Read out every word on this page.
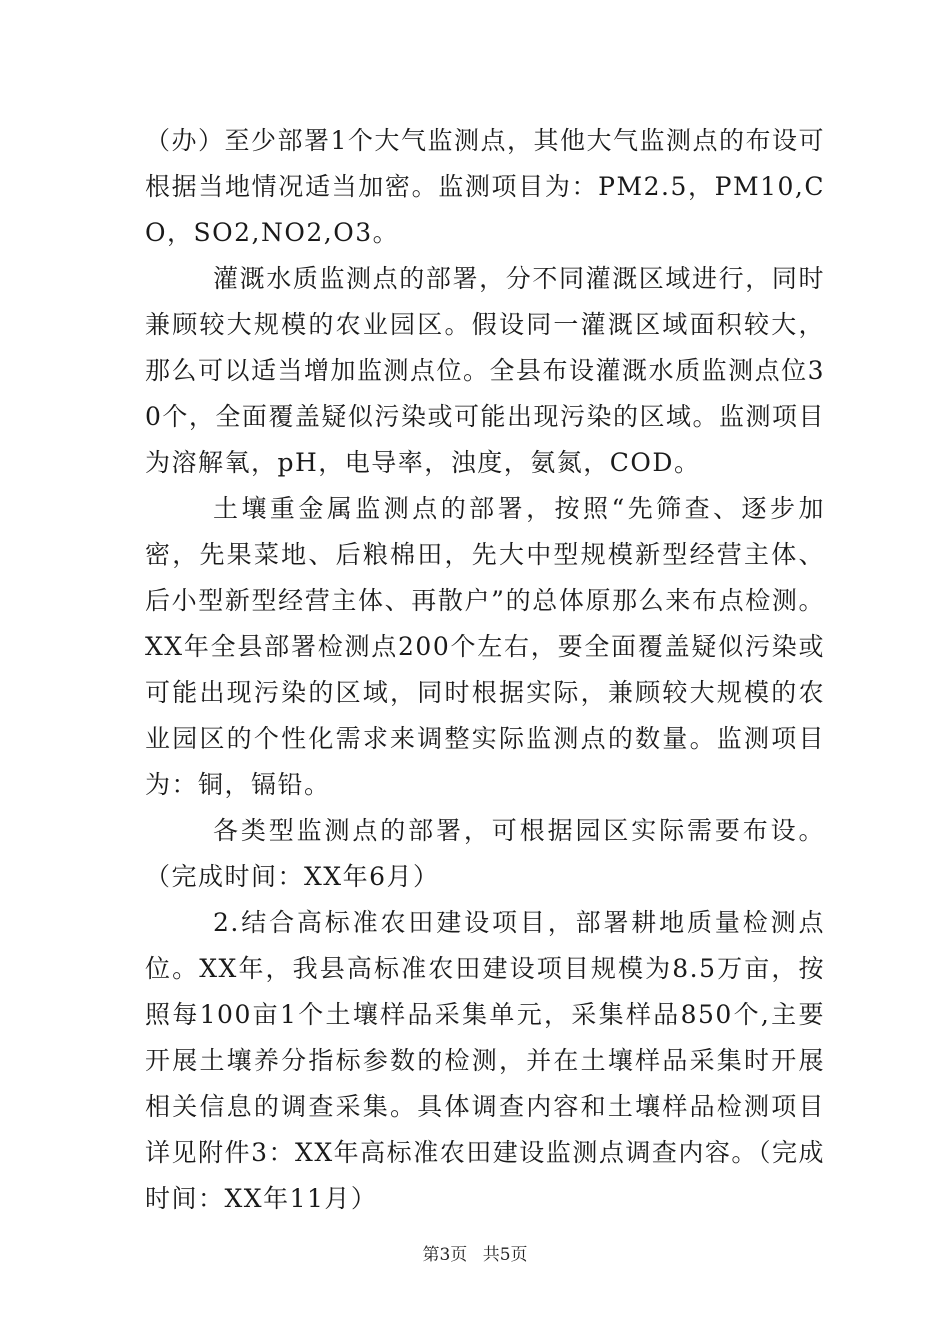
（办）至少部署1个大气监测点，其他大气监测点的布设可根据当地情况适当加密。监测项目为：PM2.5，PM10,CO，SO2,NO2,O3。

灌溉水质监测点的部署，分不同灌溉区域进行，同时兼顾较大规模的农业园区。假设同一灌溉区域面积较大，那么可以适当增加监测点位。全县布设灌溉水质监测点位30个，全面覆盖疑似污染或可能出现污染的区域。监测项目为溶解氧，pH，电导率，浊度，氨氮，COD。

土壤重金属监测点的部署，按照“先筛查、逐步加密，先果菜地、后粮棉田，先大中型规模新型经营主体、后小型新型经营主体、再散户”的总体原那么来布点检测。XX年全县部署检测点200个左右，要全面覆盖疑似污染或可能出现污染的区域，同时根据实际，兼顾较大规模的农业园区的个性化需求来调整实际监测点的数量。监测项目为：铜，镉铅。

各类型监测点的部署，可根据园区实际需要布设。（完成时间：XX年6月）

2.结合高标准农田建设项目，部署耕地质量检测点位。XX年，我县高标准农田建设项目规模为8.5万亩，按照每100亩1个土壤样品采集单元，采集样品850个,主要开展土壤养分指标参数的检测，并在土壤样品采集时开展相关信息的调查采集。具体调查内容和土壤样品检测项目详见附件3：XX年高标准农田建设监测点调查内容。（完成时间：XX年11月）

第3页 共5页
